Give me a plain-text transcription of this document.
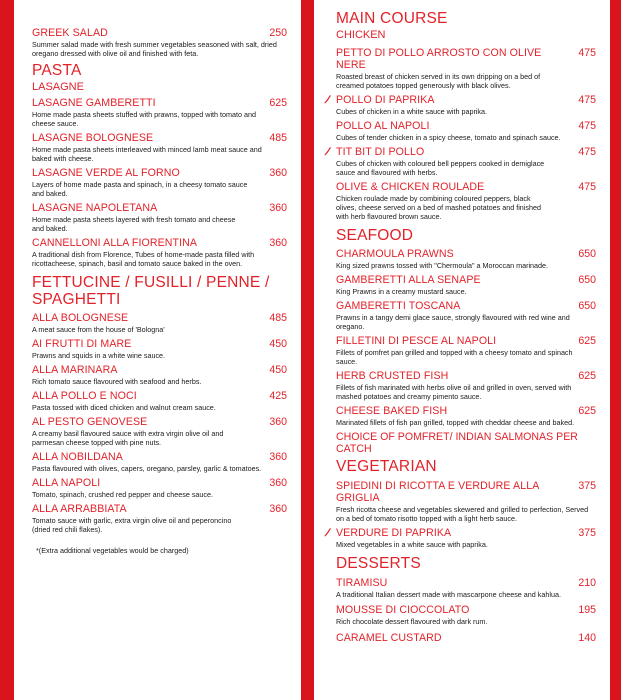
GREEK SALAD	250
Summer salad made with fresh summer vegetables seasoned with salt, dried oregano dressed with olive oil and finished with feta.
PASTA
LASAGNE
LASAGNE GAMBERETTI	625
Home made pasta sheets stuffed with prawns, topped with tomato and cheese sauce.
LASAGNE BOLOGNESE	485
Home made pasta sheets interleaved with minced lamb meat sauce and baked with cheese.
LASAGNE VERDE AL FORNO	360
Layers of home made pasta and spinach, in a cheesy tomato sauce and baked.
LASAGNE NAPOLETANA	360
Home made pasta sheets layered with fresh tomato and cheese and baked.
CANNELLONI ALLA FIORENTINA	360
A traditional dish from Florence, Tubes of home-made pasta filled with ricottacheese, spinach, basil and tomato sauce baked in the oven.
FETTUCINE / FUSILLI / PENNE /
SPAGHETTI
ALLA BOLOGNESE	485
A meat sauce from the house of 'Bologna'
AI FRUTTI DI MARE	450
Prawns and squids in a white wine sauce.
ALLA MARINARA	450
Rich tomato sauce flavoured with seafood and herbs.
ALLA POLLO E NOCI	425
Pasta tossed with diced chicken and walnut cream sauce.
AL PESTO GENOVESE	360
A creamy basil flavoured sauce with extra virgin olive oil and parmesan cheese topped with pine nuts.
ALLA NOBILDANA	360
Pasta flavoured with olives, capers, oregano, parsley, garlic & tomatoes.
ALLA NAPOLI	360
Tomato, spinach, crushed red pepper and cheese sauce.
ALLA ARRABBIATA	360
Tomato sauce with garlic, extra virgin olive oil and peperoncino (dried red chili flakes).
*(Extra additional vegetables would be charged)
MAIN COURSE
CHICKEN
PETTO DI POLLO ARROSTO CON OLIVE NERE
475
Roasted breast of chicken served in its own dripping on a bed of creamed potatoes topped generously with black olives.
POLLO DI PAPRIKA	475
Cubes of chicken in a white sauce with paprika.
POLLO AL NAPOLI	475
Cubes of tender chicken in a spicy cheese, tomato and spinach sauce.
TIT BIT DI POLLO	475
Cubes of chicken with coloured bell peppers cooked in demiglace sauce and flavoured with herbs.
OLIVE & CHICKEN ROULADE	475
Chicken roulade made by combining coloured peppers, black olives, cheese served on a bed of mashed potatoes and finished with herb flavoured brown sauce.
SEAFOOD
CHARMOULA PRAWNS	650
King sized prawns tossed with "Chermoula" a Moroccan marinade.
GAMBERETTI ALLA SENAPE	650
King Prawns in a creamy mustard sauce.
GAMBERETTI TOSCANA	650
Prawns in a tangy demi glace sauce, strongly flavoured with red wine and oregano.
FILLETINI DI PESCE AL NAPOLI	625
Fillets of pomfret pan grilled and topped with a cheesy tomato and spinach sauce.
HERB CRUSTED FISH	625
Fillets of fish marinated with herbs olive oil and grilled in oven, served with mashed potatoes and creamy pimento sauce.
CHEESE BAKED FISH	625
Marinated fillets of fish pan grilled, topped with cheddar cheese and baked.
CHOICE OF POMFRET/ INDIAN SALMONAS PER CATCH
VEGETARIAN
SPIEDINI DI RICOTTA E VERDURE ALLA GRIGLIA
375
Fresh ricotta cheese and vegetables skewered and grilled to perfection, Served on a bed of tomato risotto topped with a light herb sauce.
VERDURE DI PAPRIKA	375
Mixed vegetables in a white sauce with paprika.
DESSERTS
TIRAMISU	210
A traditional Italian dessert made with mascarpone cheese and kahlua.
MOUSSE DI CIOCCOLATO	195
Rich chocolate dessert flavoured with dark rum.
CARAMEL CUSTARD	140
